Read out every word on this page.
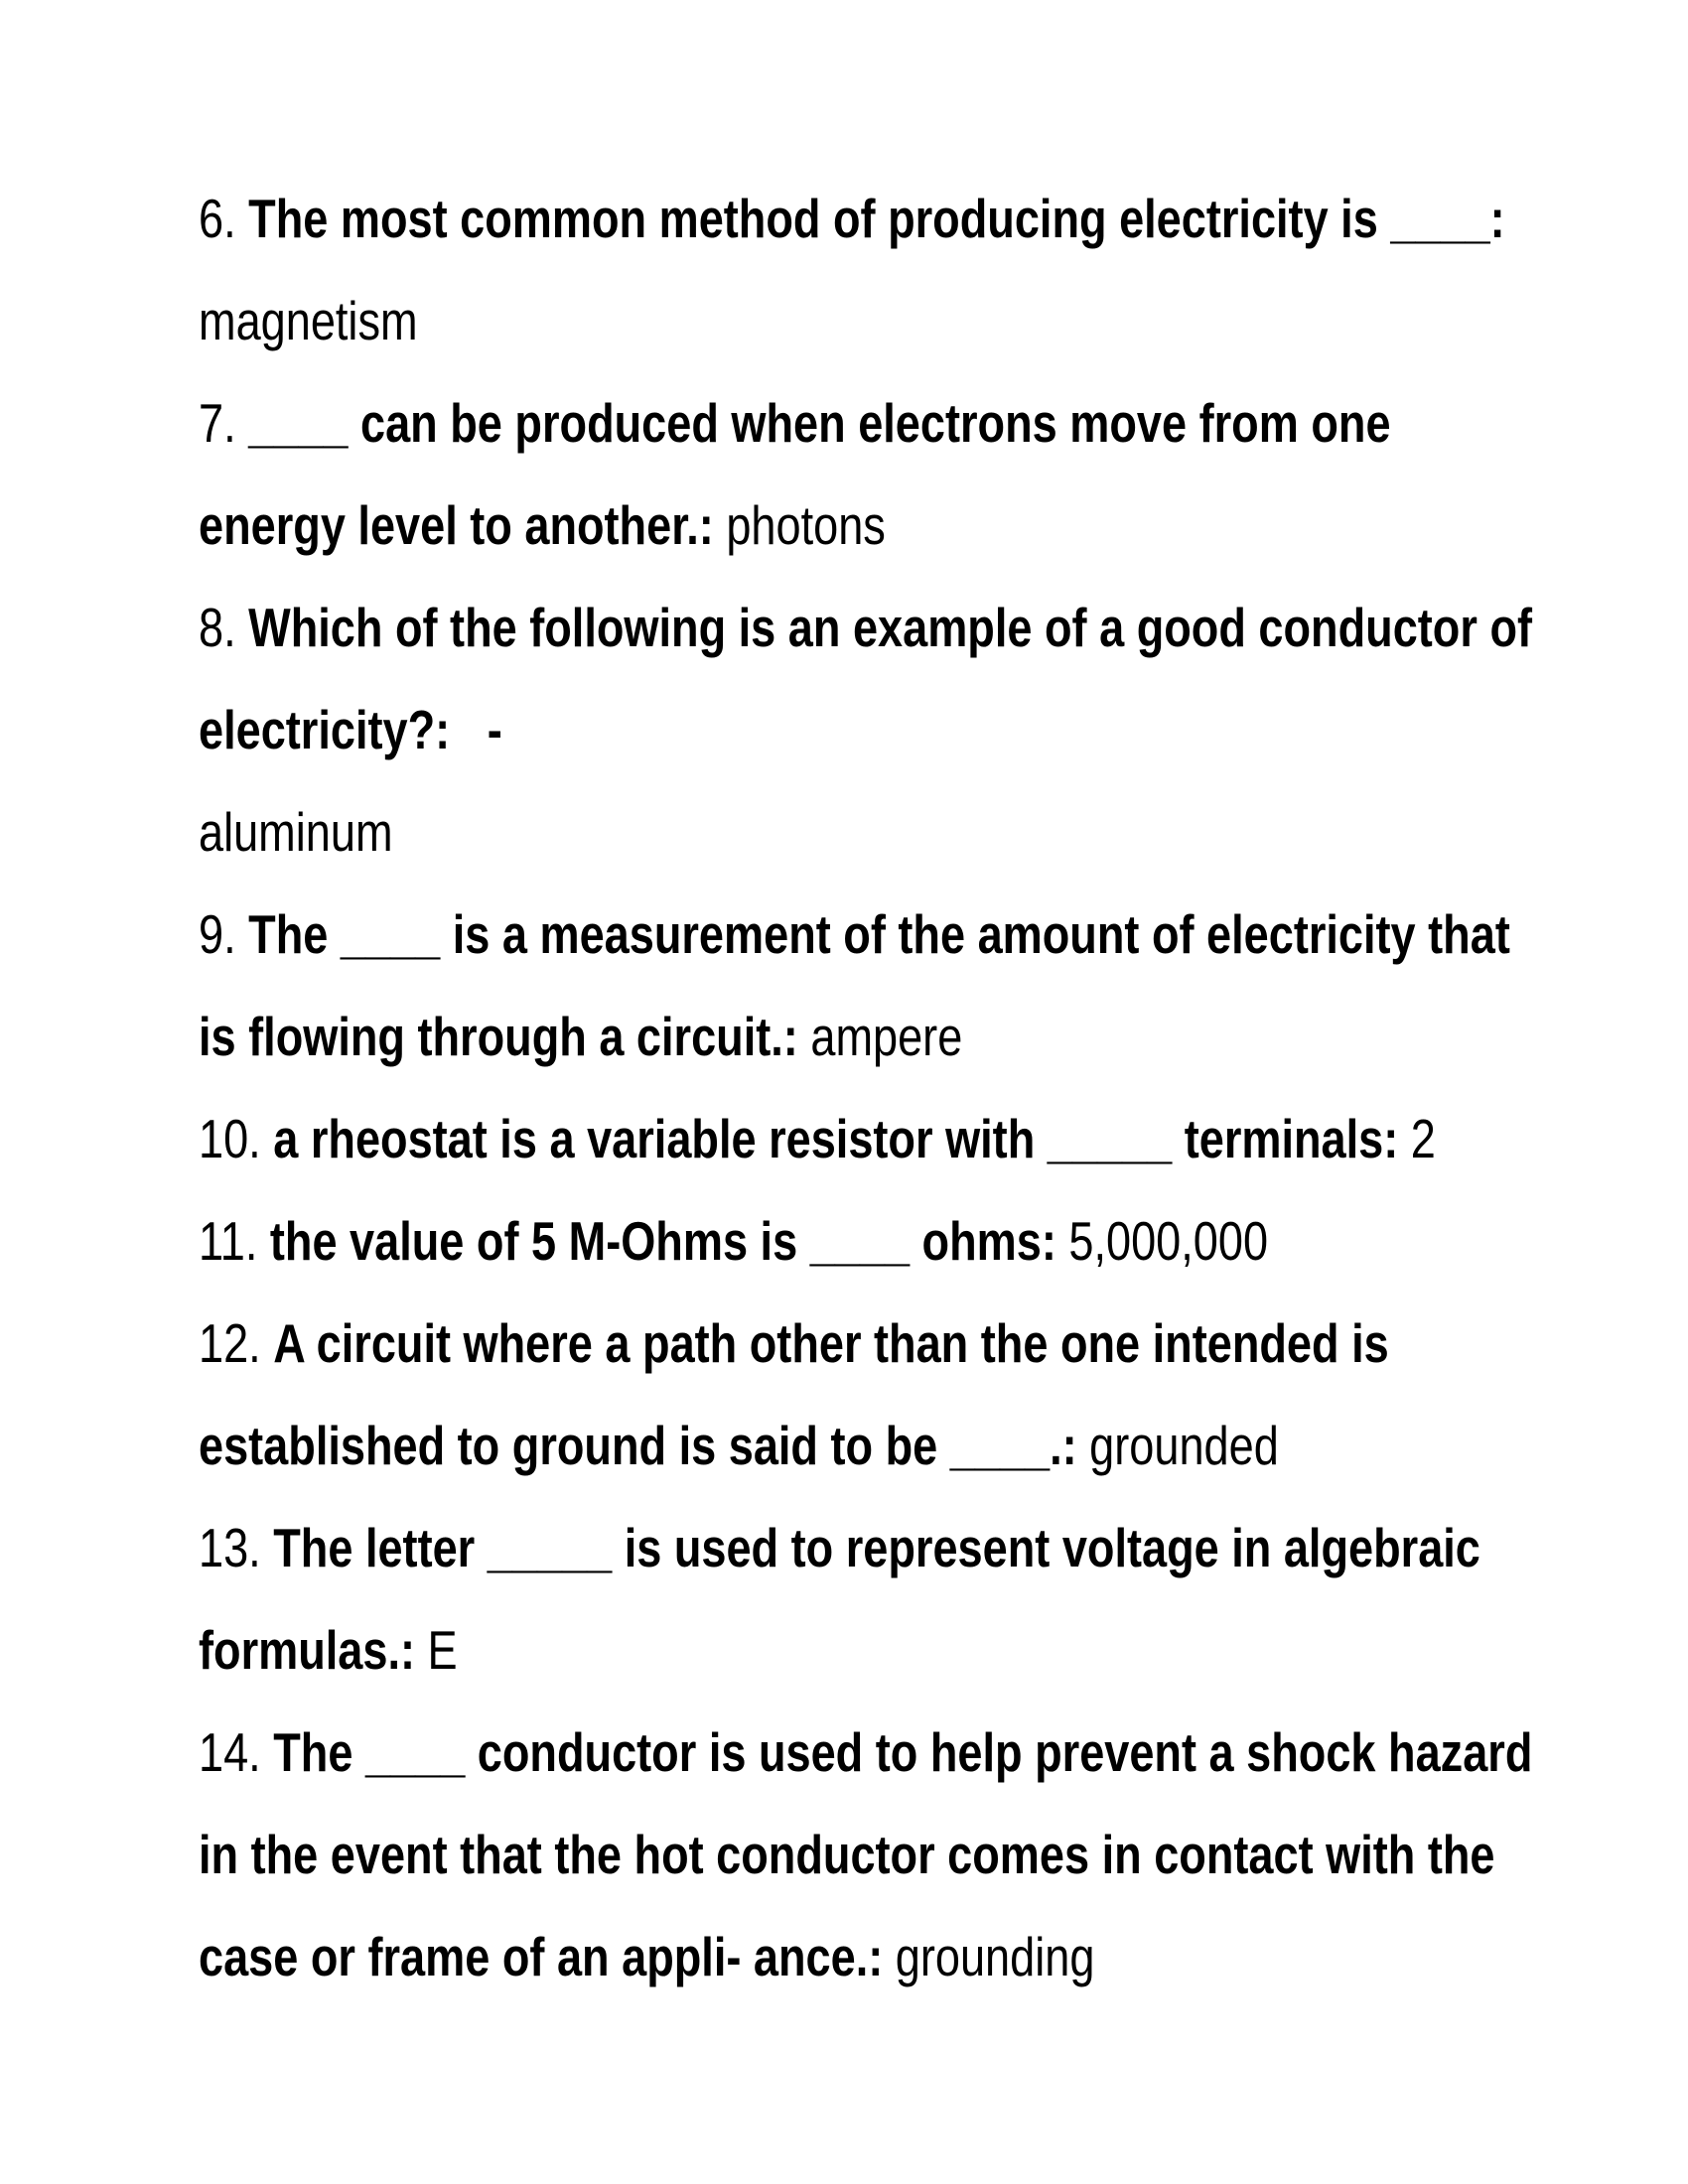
6. The most common method of producing electricity is ____:
magnetism
7. ____ can be produced when electrons move from one
energy level to another.: photons
8. Which of the following is an example of a good conductor of
electricity?:   -
aluminum
9. The ____ is a measurement of the amount of electricity that
is flowing through a circuit.: ampere
10. a rheostat is a variable resistor with _____ terminals: 2
11. the value of 5 M-Ohms is ____ ohms: 5,000,000
12. A circuit where a path other than the one intended is
established to ground is said to be ____.: grounded
13. The letter _____ is used to represent voltage in algebraic
formulas.: E
14. The ____ conductor is used to help prevent a shock hazard
in the event that the hot conductor comes in contact with the
case or frame of an appli- ance.: grounding
